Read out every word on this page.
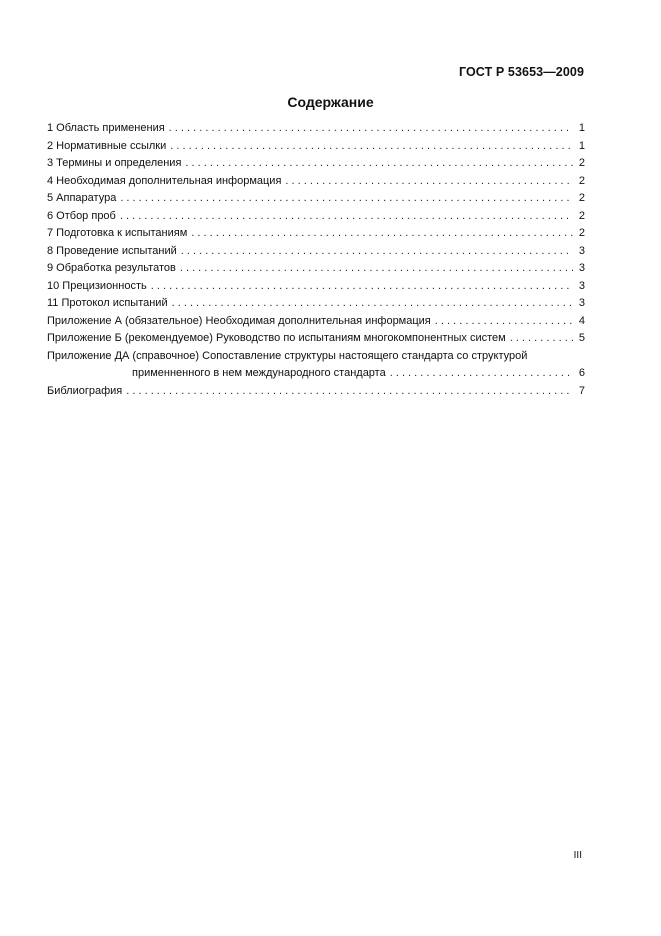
ГОСТ Р 53653—2009
Содержание
1 Область применения . . .	1
2 Нормативные ссылки . . .	1
3 Термины и определения . . .	2
4 Необходимая дополнительная информация . . .	2
5 Аппаратура . . .	2
6 Отбор проб . . .	2
7 Подготовка к испытаниям . . .	2
8 Проведение испытаний . . .	3
9 Обработка результатов . . .	3
10 Прецизионность . . .	3
11 Протокол испытаний . . .	3
Приложение А (обязательное) Необходимая дополнительная информация . . .	4
Приложение Б (рекомендуемое) Руководство по испытаниям многокомпонентных систем . . .	5
Приложение ДА (справочное) Сопоставление структуры настоящего стандарта со структурой
применненного в нем международного стандарта . . .	6
Библиография . . .	7
III
